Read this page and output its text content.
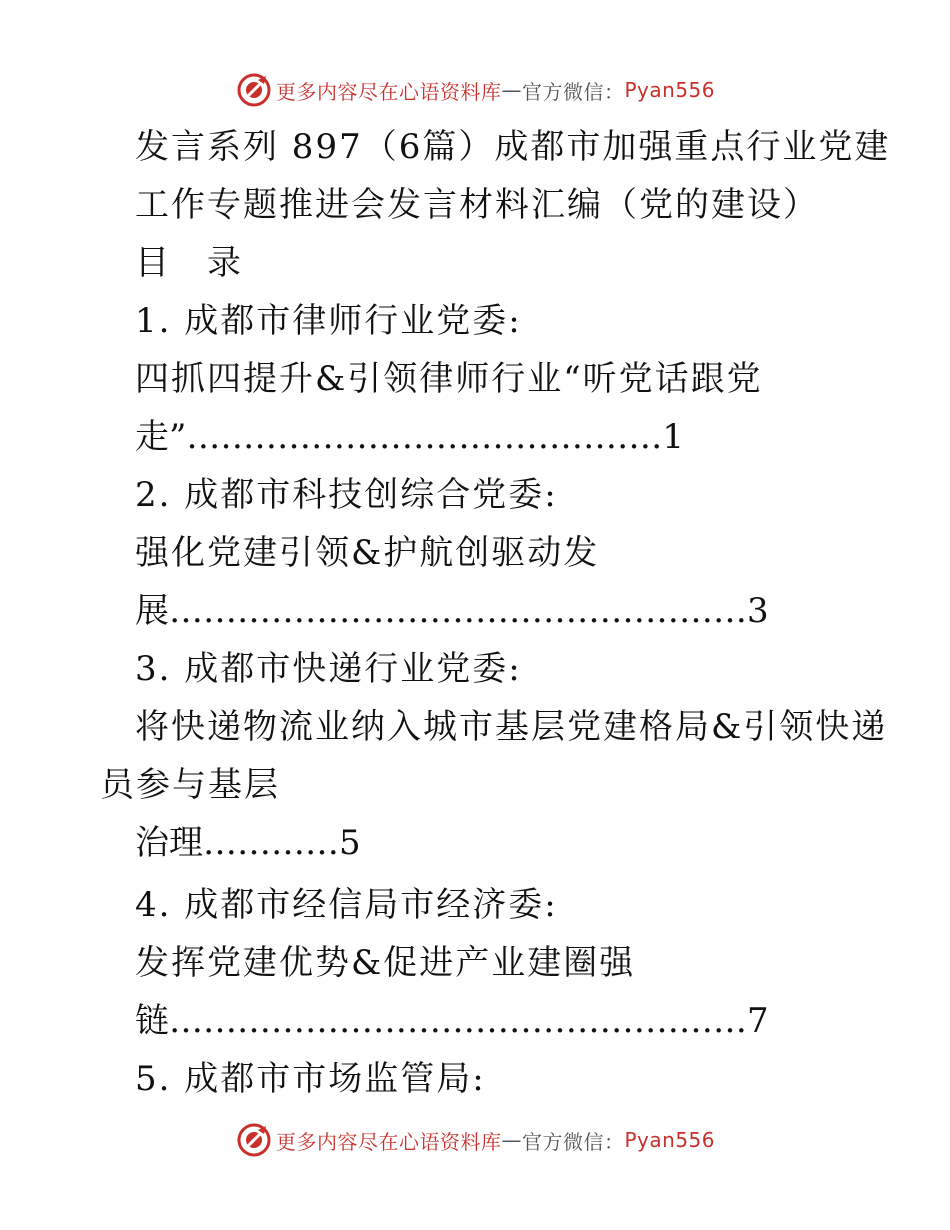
更多内容尽在心语资料库 — 官方微信： Pyan556
发言系列 897（6篇）成都市加强重点行业党建
工作专题推进会发言材料汇编（党的建设）
目　录
1. 成都市律师行业党委:
四抓四提升&引领律师行业“听党话跟党
走”……………………………………1
2. 成都市科技创综合党委:
强化党建引领&护航创驱动发
展……………………………………………3
3. 成都市快递行业党委:
将快递物流业纳入城市基层党建格局&引领快递
员参与基层
治理…………5
4. 成都市经信局市经济委:
发挥党建优势&促进产业建圈强
链……………………………………………7
5. 成都市市场监管局:
更多内容尽在心语资料库 — 官方微信： Pyan556
